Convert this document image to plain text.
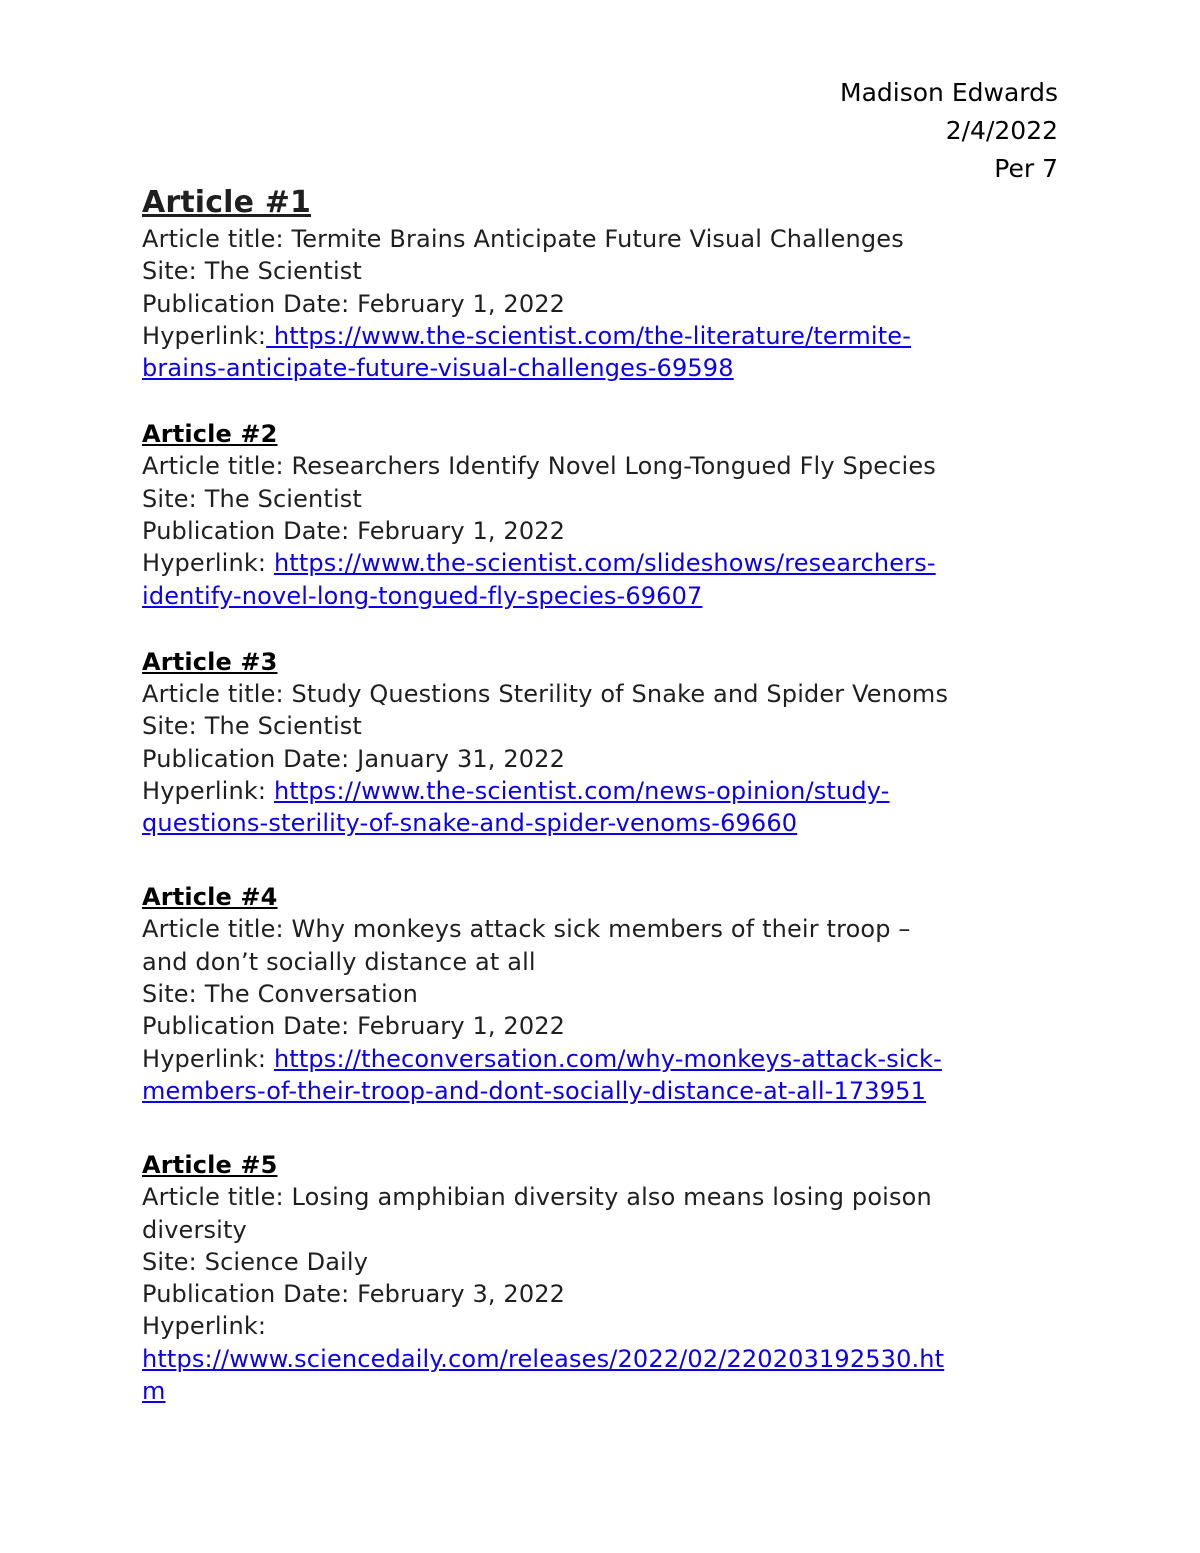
Madison Edwards
2/4/2022
Per 7
Article #1
Article title: Termite Brains Anticipate Future Visual Challenges
Site: The Scientist
Publication Date: February 1, 2022
Hyperlink: https://www.the-scientist.com/the-literature/termite-
brains-anticipate-future-visual-challenges-69598
Article #2
Article title: Researchers Identify Novel Long-Tongued Fly Species
Site: The Scientist
Publication Date: February 1, 2022
Hyperlink: https://www.the-scientist.com/slideshows/researchers-
identify-novel-long-tongued-fly-species-69607
Article #3
Article title: Study Questions Sterility of Snake and Spider Venoms
Site: The Scientist
Publication Date: January 31, 2022
Hyperlink: https://www.the-scientist.com/news-opinion/study-
questions-sterility-of-snake-and-spider-venoms-69660
Article #4
Article title: Why monkeys attack sick members of their troop –
and don’t socially distance at all
Site: The Conversation
Publication Date: February 1, 2022
Hyperlink: https://theconversation.com/why-monkeys-attack-sick-
members-of-their-troop-and-dont-socially-distance-at-all-173951
Article #5
Article title: Losing amphibian diversity also means losing poison
diversity
Site: Science Daily
Publication Date: February 3, 2022
Hyperlink:
https://www.sciencedaily.com/releases/2022/02/220203192530.ht
m
